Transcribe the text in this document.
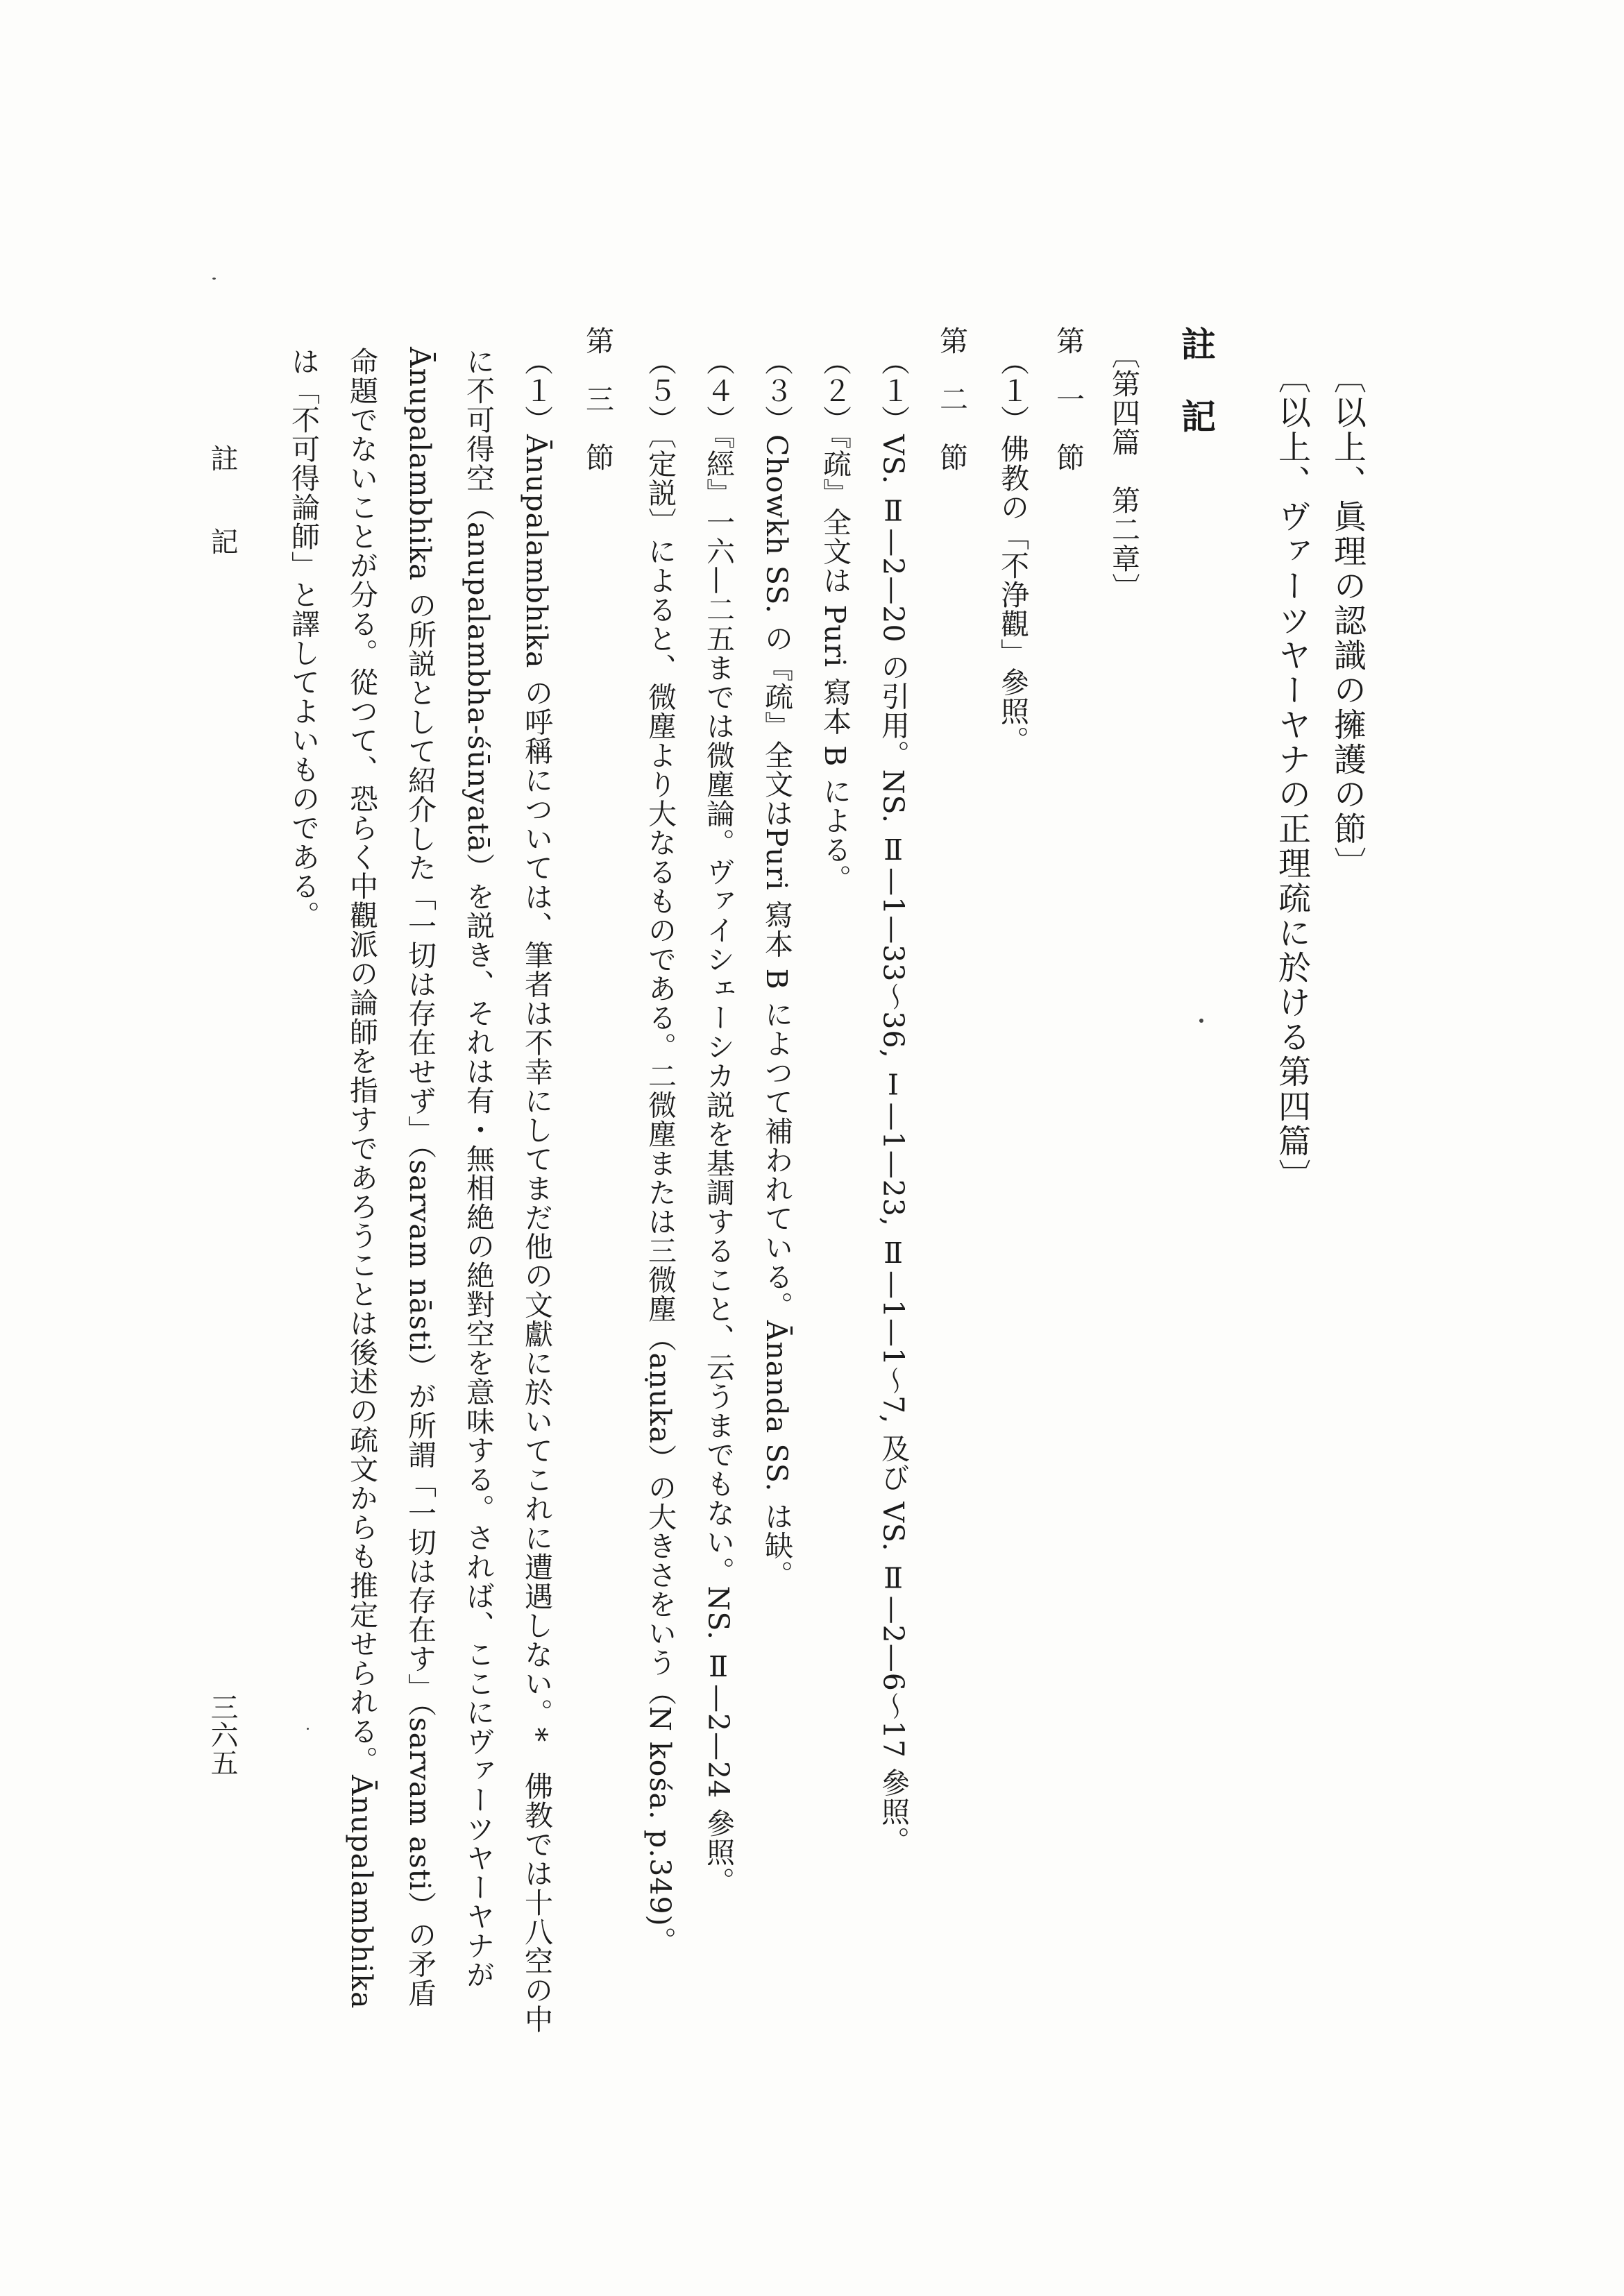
〔以上、眞理の認識の擁護の節〕
〔以上、ヴァーツヤーヤナの正理疏に於ける第四篇〕
註　記
〔第四篇　第二章〕
第　一　節
（１）佛教の「不浄觀」參照。
第　二　節
（１）VS. Ⅱ—2—20 の引用。NS. Ⅱ—1—33〜36, Ⅰ—1—23, Ⅱ—1—1〜7, 及び VS. Ⅱ—2—6〜17 參照。
（２）『疏』全文は Puri 寫本 B による。
（３）Chowkh SS. の『疏』全文はPuri 寫本 B によつて補われている。Ānanda SS. は缺。
（４）『經』一六—二五までは微塵論。ヴァイシェーシカ説を基調すること、云うまでもない。NS. Ⅱ—2—24 參照。
（５）〔定説〕によると、微塵より大なるものである。二微塵または三微塵（aṇuka）の大きさをいう（N kośa. p.349)。
第　三　節
（１）Ānupalambhika の呼稱については、筆者は不幸にしてまだ他の文獻に於いてこれに遭遇しない。*　佛教では十八空の中
に不可得空（anupalambha-śūnyatā）を説き、それは有・無相絶の絶對空を意味する。されば、ここにヴァーツヤーヤナが
Ānupalambhika の所説として紹介した「一切は存在せず」（sarvam nāsti）が所謂「一切は存在す」（sarvam asti）の矛盾
命題でないことが分る。從つて、恐らく中觀派の論師を指すであろうことは後述の疏文からも推定せられる。Ānupalambhika
は「不可得論師」と譯してよいものである。
註　　記
三六五
